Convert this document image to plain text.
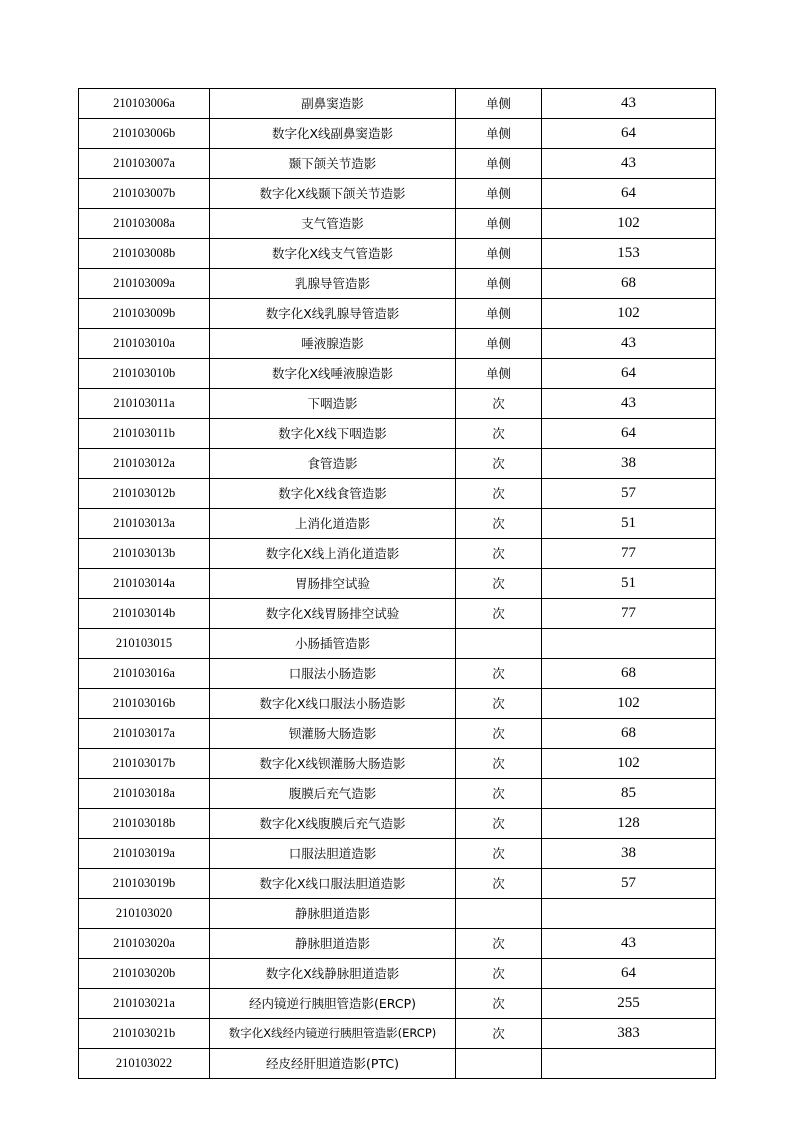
210103006a	副鼻窦造影	单侧	43
210103006b	数字化X线副鼻窦造影	单侧	64
210103007a	颞下颌关节造影	单侧	43
210103007b	数字化X线颞下颌关节造影	单侧	64
210103008a	支气管造影	单侧	102
210103008b	数字化X线支气管造影	单侧	153
210103009a	乳腺导管造影	单侧	68
210103009b	数字化X线乳腺导管造影	单侧	102
210103010a	唾液腺造影	单侧	43
210103010b	数字化X线唾液腺造影	单侧	64
210103011a	下咽造影	次	43
210103011b	数字化X线下咽造影	次	64
210103012a	食管造影	次	38
210103012b	数字化X线食管造影	次	57
210103013a	上消化道造影	次	51
210103013b	数字化X线上消化道造影	次	77
210103014a	胃肠排空试验	次	51
210103014b	数字化X线胃肠排空试验	次	77
210103015	小肠插管造影		
210103016a	口服法小肠造影	次	68
210103016b	数字化X线口服法小肠造影	次	102
210103017a	钡灌肠大肠造影	次	68
210103017b	数字化X线钡灌肠大肠造影	次	102
210103018a	腹膜后充气造影	次	85
210103018b	数字化X线腹膜后充气造影	次	128
210103019a	口服法胆道造影	次	38
210103019b	数字化X线口服法胆道造影	次	57
210103020	静脉胆道造影		
210103020a	静脉胆道造影	次	43
210103020b	数字化X线静脉胆道造影	次	64
210103021a	经内镜逆行胰胆管造影(ERCP)	次	255
210103021b	数字化X线经内镜逆行胰胆管造影(ERCP)	次	383
210103022	经皮经肝胆道造影(PTC)		
